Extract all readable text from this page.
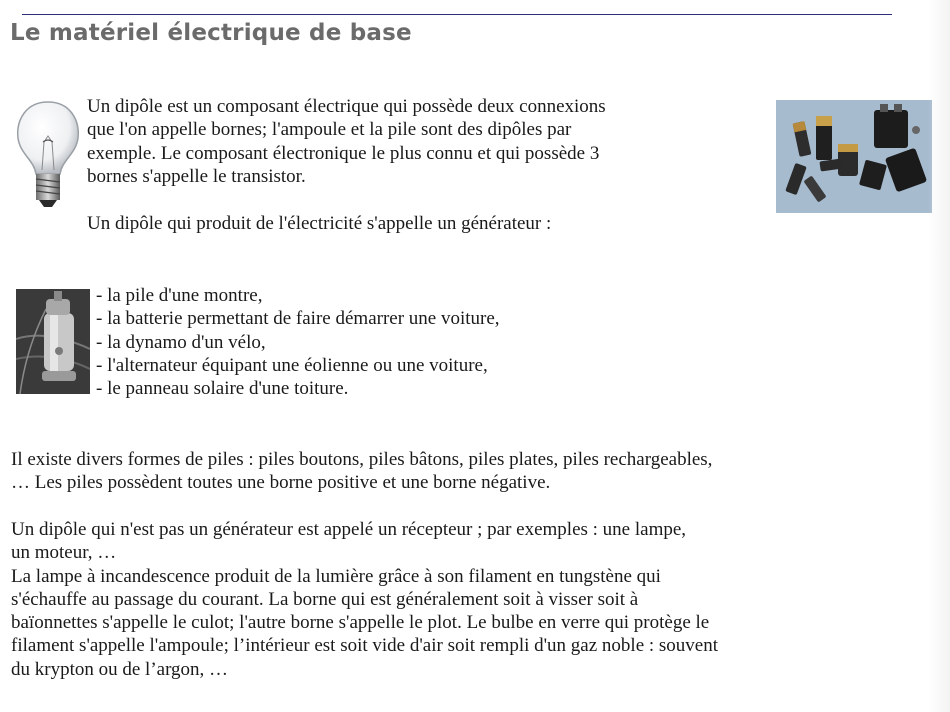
Le matériel électrique de base
Un dipôle est un composant électrique qui possède deux connexions
que l'on appelle bornes; l'ampoule et la pile sont des dipôles par
exemple. Le composant électronique le plus connu et qui possède 3
bornes s'appelle le transistor.
Un dipôle qui produit de l'électricité s'appelle un générateur :
- la pile d'une montre,
- la batterie permettant de faire démarrer une voiture,
- la dynamo d'un vélo,
- l'alternateur équipant une éolienne ou une voiture,
- le panneau solaire d'une toiture.
Il existe divers formes de piles : piles boutons, piles bâtons, piles plates, piles rechargeables,
… Les piles possèdent toutes une borne positive et une borne négative.
Un dipôle qui n'est pas un générateur est appelé un récepteur ; par exemples : une lampe,
un moteur, …
La lampe à incandescence produit de la lumière grâce à son filament en tungstène qui
s'échauffe au passage du courant. La borne qui est généralement soit à visser soit à
baïonnettes s'appelle le culot; l'autre borne s'appelle le plot. Le bulbe en verre qui protège le
filament s'appelle l'ampoule; l’intérieur est soit vide d'air soit rempli d'un gaz noble : souvent
du krypton ou de l’argon, …
